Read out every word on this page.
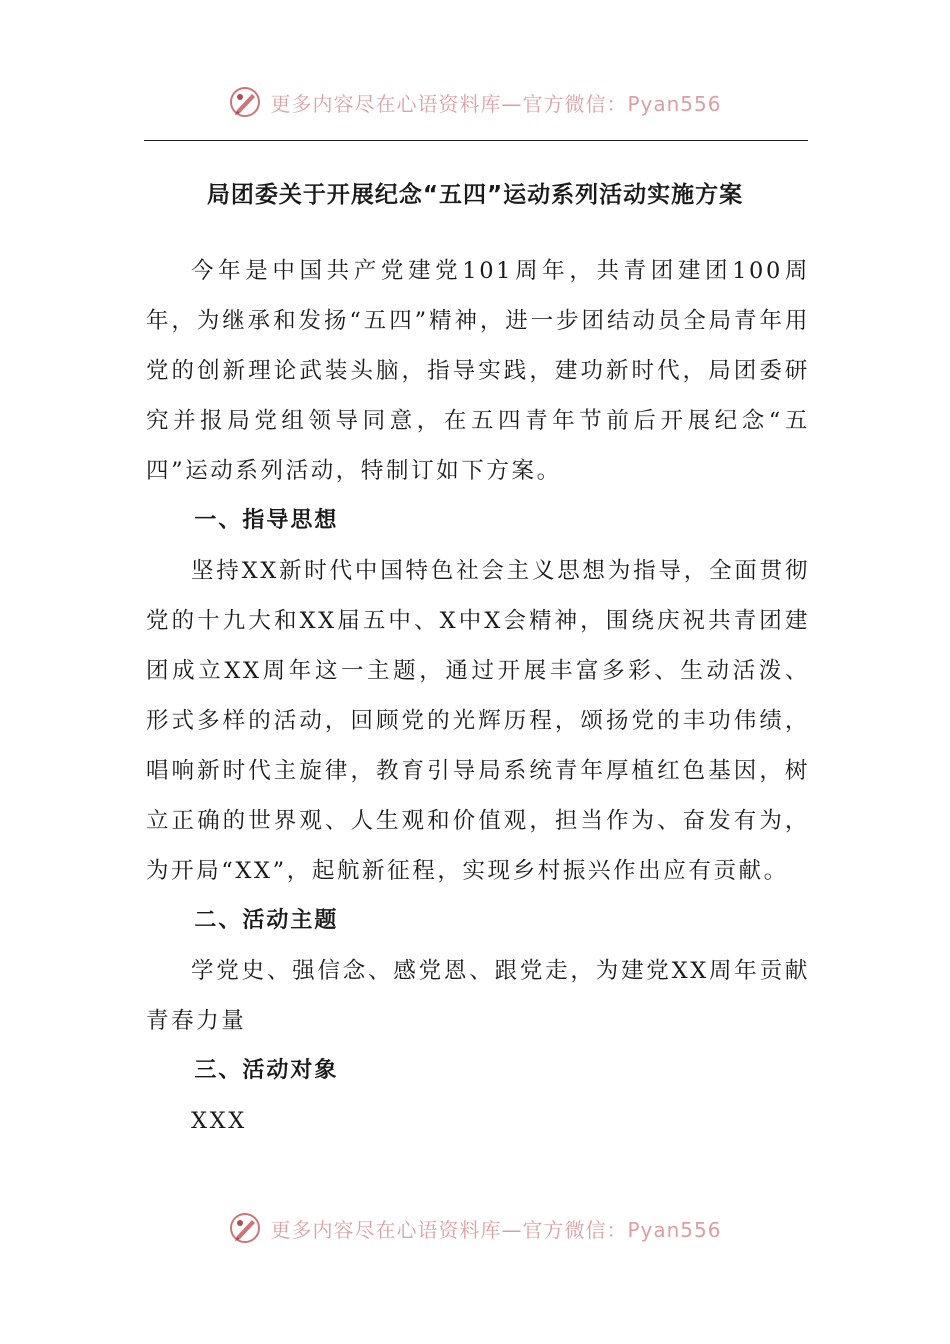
更多内容尽在心语资料库—官方微信：Pyan556
局团委关于开展纪念“五四”运动系列活动实施方案

今年是中国共产党建党101周年，共青团建团100周年，为继承和发扬“五四”精神，进一步团结动员全局青年用党的创新理论武装头脑，指导实践，建功新时代，局团委研究并报局党组领导同意，在五四青年节前后开展纪念“五四”运动系列活动，特制订如下方案。

一、指导思想

坚持XX新时代中国特色社会主义思想为指导，全面贯彻党的十九大和XX届五中、X中X会精神，围绕庆祝共青团建团成立XX周年这一主题，通过开展丰富多彩、生动活泼、形式多样的活动，回顾党的光辉历程，颂扬党的丰功伟绩，唱响新时代主旋律，教育引导局系统青年厚植红色基因，树立正确的世界观、人生观和价值观，担当作为、奋发有为，为开局“XX”，起航新征程，实现乡村振兴作出应有贡献。

二、活动主题

学党史、强信念、感党恩、跟党走，为建党XX周年贡献青春力量

三、活动对象

XXX

更多内容尽在心语资料库—官方微信：Pyan556
